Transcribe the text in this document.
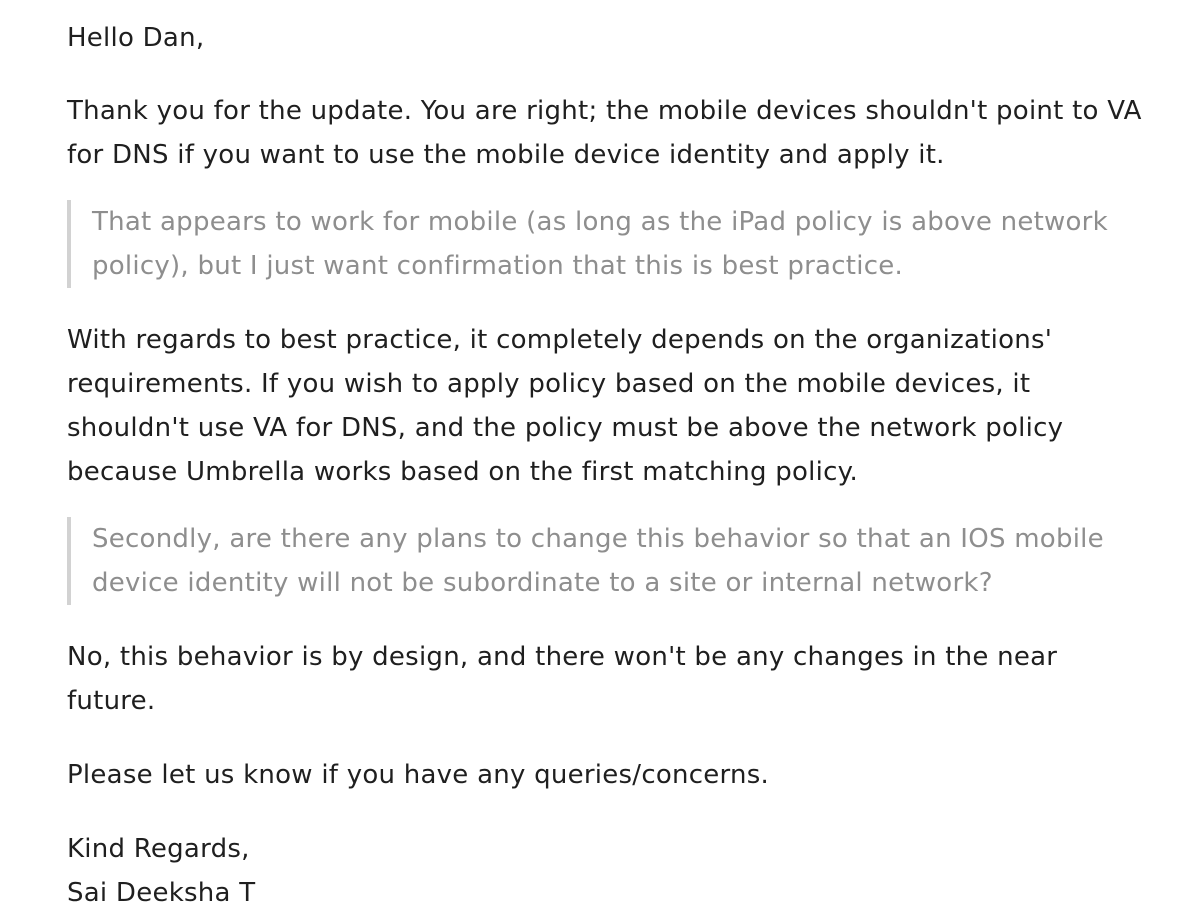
Hello Dan,

Thank you for the update. You are right; the mobile devices shouldn't point to VA for DNS if you want to use the mobile device identity and apply it.

That appears to work for mobile (as long as the iPad policy is above network policy), but I just want confirmation that this is best practice.

With regards to best practice, it completely depends on the organizations' requirements. If you wish to apply policy based on the mobile devices, it shouldn't use VA for DNS, and the policy must be above the network policy because Umbrella works based on the first matching policy.

Secondly, are there any plans to change this behavior so that an IOS mobile device identity will not be subordinate to a site or internal network?

No, this behavior is by design, and there won't be any changes in the near future.

Please let us know if you have any queries/concerns.

Kind Regards,
Sai Deeksha T
